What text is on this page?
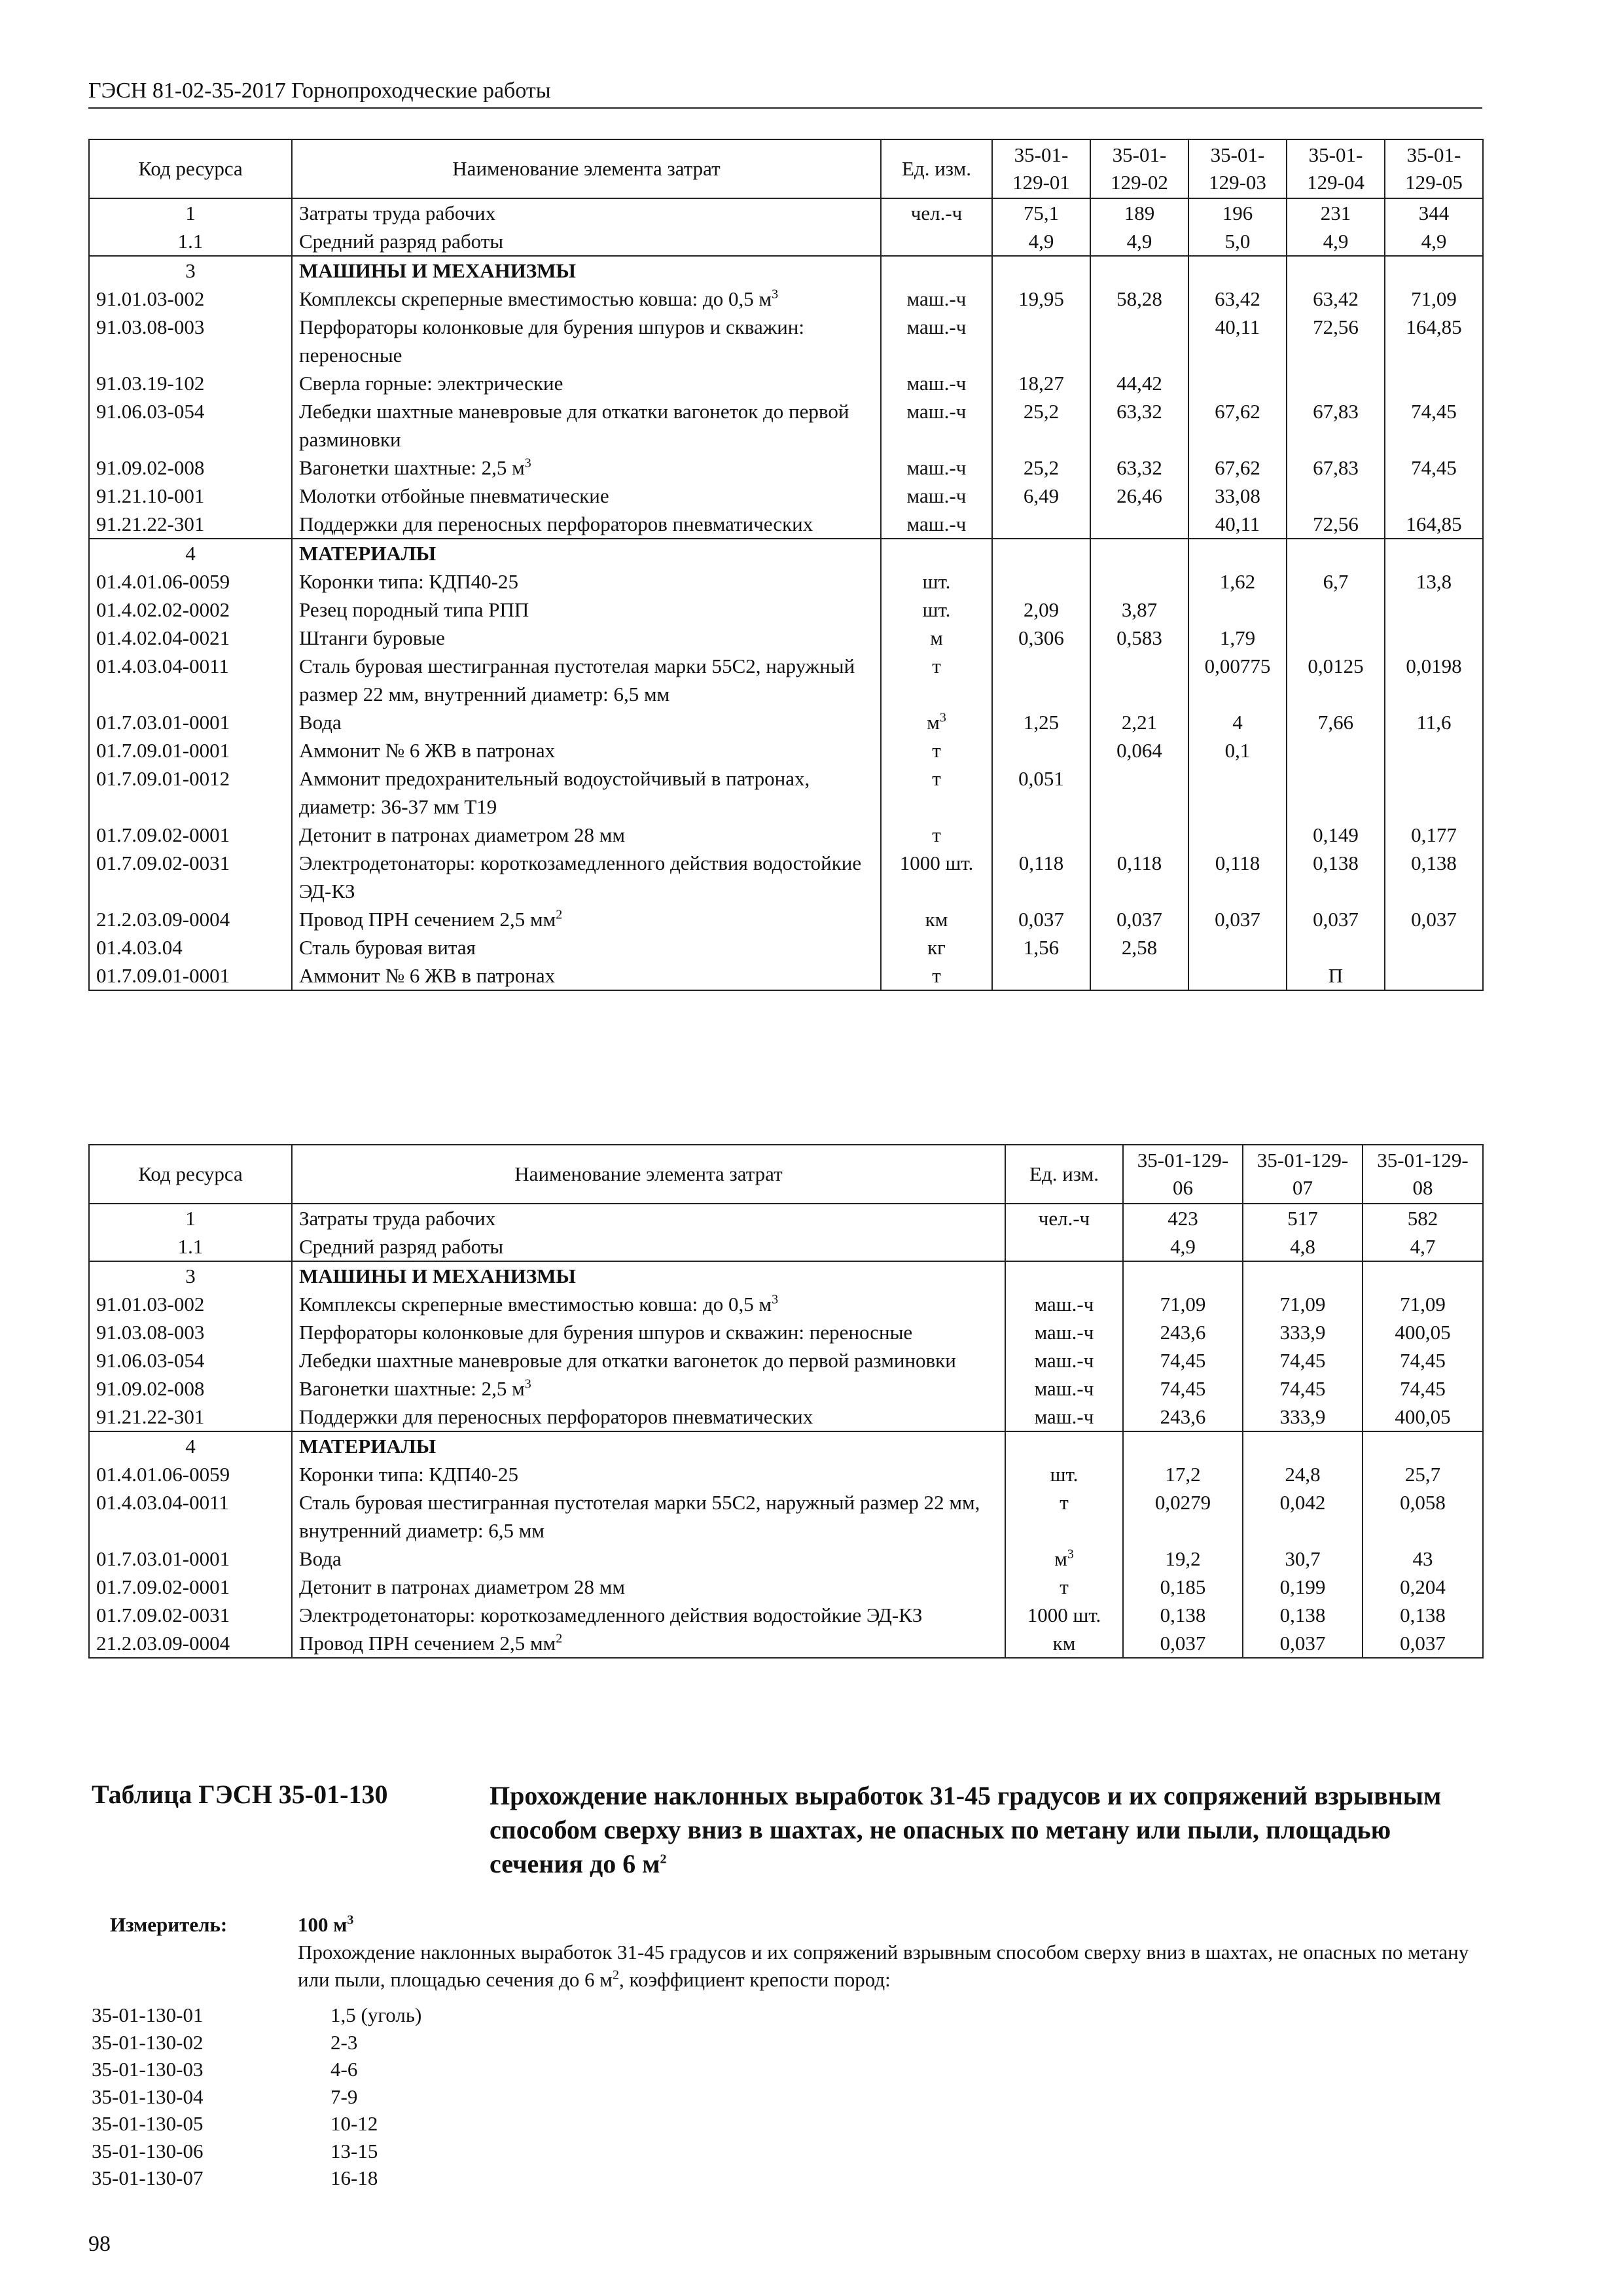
ГЭСН 81-02-35-2017 Горнопроходческие работы
Код ресурса	Наименование элемента затрат	Ед. изм.	35-01-129-01	35-01-129-02	35-01-129-03	35-01-129-04	35-01-129-05
1	Затраты труда рабочих	чел.-ч	75,1	189	196	231	344
1.1	Средний разряд работы		4,9	4,9	5,0	4,9	4,9
3	МАШИНЫ И МЕХАНИЗМЫ						
91.01.03-002	Комплексы скреперные вместимостью ковша: до 0,5 $м^3$	маш.-ч	19,95	58,28	63,42	63,42	71,09
91.03.08-003	Перфораторы колонковые для бурения шпуров и скважин: переносные	маш.-ч			40,11	72,56	164,85
91.03.19-102	Сверла горные: электрические	маш.-ч	18,27	44,42			
91.06.03-054	Лебедки шахтные маневровые для откатки вагонеток до первой разминовки	маш.-ч	25,2	63,32	67,62	67,83	74,45
91.09.02-008	Вагонетки шахтные: 2,5 $м^3$	маш.-ч	25,2	63,32	67,62	67,83	74,45
91.21.10-001	Молотки отбойные пневматические	маш.-ч	6,49	26,46	33,08		
91.21.22-301	Поддержки для переносных перфораторов пневматических	маш.-ч			40,11	72,56	164,85
4	МАТЕРИАЛЫ						
01.4.01.06-0059	Коронки типа: КДП40-25	шт.			1,62	6,7	13,8
01.4.02.02-0002	Резец породный типа РПП	шт.	2,09	3,87			
01.4.02.04-0021	Штанги буровые	м	0,306	0,583	1,79		
01.4.03.04-0011	Сталь буровая шестигранная пустотелая марки 55С2, наружный размер 22 мм, внутренний диаметр: 6,5 мм	т			0,00775	0,0125	0,0198
01.7.03.01-0001	Вода	$м^3$	1,25	2,21	4	7,66	11,6
01.7.09.01-0001	Аммонит № 6 ЖВ в патронах	т		0,064	0,1		
01.7.09.01-0012	Аммонит предохранительный водоустойчивый в патронах, диаметр: 36-37 мм Т19	т	0,051				
01.7.09.02-0001	Детонит в патронах диаметром 28 мм	т				0,149	0,177
01.7.09.02-0031	Электродетонаторы: короткозамедленного действия водостойкие ЭД-КЗ	1000 шт.	0,118	0,118	0,118	0,138	0,138
21.2.03.09-0004	Провод ПРН сечением 2,5 $мм^2$	км	0,037	0,037	0,037	0,037	0,037
01.4.03.04	Сталь буровая витая	кг	1,56	2,58			
01.7.09.01-0001	Аммонит № 6 ЖВ в патронах	т				П	
Код ресурса	Наименование элемента затрат	Ед. изм.	35-01-129-06	35-01-129-07	35-01-129-08
1	Затраты труда рабочих	чел.-ч	423	517	582
1.1	Средний разряд работы		4,9	4,8	4,7
3	МАШИНЫ И МЕХАНИЗМЫ				
91.01.03-002	Комплексы скреперные вместимостью ковша: до 0,5 $м^3$	маш.-ч	71,09	71,09	71,09
91.03.08-003	Перфораторы колонковые для бурения шпуров и скважин: переносные	маш.-ч	243,6	333,9	400,05
91.06.03-054	Лебедки шахтные маневровые для откатки вагонеток до первой разминовки	маш.-ч	74,45	74,45	74,45
91.09.02-008	Вагонетки шахтные: 2,5 $м^3$	маш.-ч	74,45	74,45	74,45
91.21.22-301	Поддержки для переносных перфораторов пневматических	маш.-ч	243,6	333,9	400,05
4	МАТЕРИАЛЫ				
01.4.01.06-0059	Коронки типа: КДП40-25	шт.	17,2	24,8	25,7
01.4.03.04-0011	Сталь буровая шестигранная пустотелая марки 55С2, наружный размер 22 мм, внутренний диаметр: 6,5 мм	т	0,0279	0,042	0,058
01.7.03.01-0001	Вода	$м^3$	19,2	30,7	43
01.7.09.02-0001	Детонит в патронах диаметром 28 мм	т	0,185	0,199	0,204
01.7.09.02-0031	Электродетонаторы: короткозамедленного действия водостойкие ЭД-КЗ	1000 шт.	0,138	0,138	0,138
21.2.03.09-0004	Провод ПРН сечением 2,5 $мм^2$	км	0,037	0,037	0,037
Таблица ГЭСН 35-01-130	Прохождение наклонных выработок 31-45 градусов и их сопряжений взрывным способом сверху вниз в шахтах, не опасных по метану или пыли, площадью сечения до 6 $м^2$
Измеритель:	100 $м^3$
Прохождение наклонных выработок 31-45 градусов и их сопряжений взрывным способом сверху вниз в шахтах, не опасных по метану или пыли, площадью сечения до 6 $м^2$, коэффициент крепости пород:
35-01-130-01	1,5 (уголь)
35-01-130-02	2-3
35-01-130-03	4-6
35-01-130-04	7-9
35-01-130-05	10-12
35-01-130-06	13-15
35-01-130-07	16-18
98
